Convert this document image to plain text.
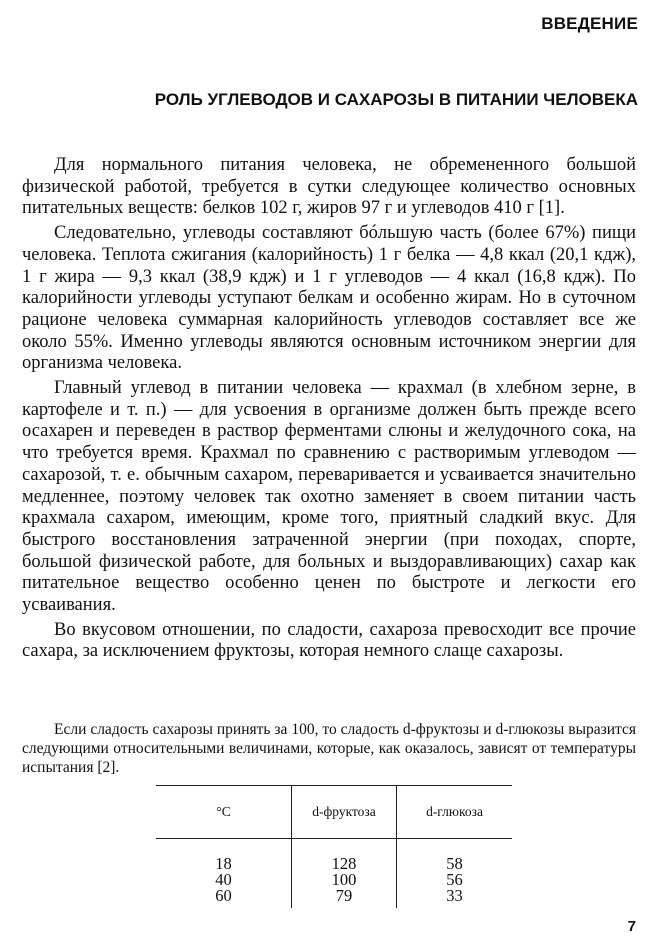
ВВЕДЕНИЕ
РОЛЬ УГЛЕВОДОВ И САХАРОЗЫ В ПИТАНИИ ЧЕЛОВЕКА

Для нормального питания человека, не обремененного большой физической работой, требуется в сутки следующее количество основных питательных веществ: белков 102 г, жиров 97 г и углеводов 410 г [1].

Следовательно, углеводы составляют бóльшую часть (более 67%) пищи человека. Теплота сжигания (калорийность) 1 г белка — 4,8 ккал (20,1 кдж), 1 г жира — 9,3 ккал (38,9 кдж) и 1 г углеводов — 4 ккал (16,8 кдж). По калорийности углеводы уступают белкам и особенно жирам. Но в суточном рационе человека суммарная калорийность углеводов составляет все же около 55%. Именно углеводы являются основным источником энергии для организма человека.

Главный углевод в питании человека — крахмал (в хлебном зерне, в картофеле и т. п.) — для усвоения в организме должен быть прежде всего осахарен и переведен в раствор ферментами слюны и желудочного сока, на что требуется время. Крахмал по сравнению с растворимым углеводом — сахарозой, т. е. обычным сахаром, переваривается и усваивается значительно медленнее, поэтому человек так охотно заменяет в своем питании часть крахмала сахаром, имеющим, кроме того, приятный сладкий вкус. Для быстрого восстановления затраченной энергии (при походах, спорте, большой физической работе, для больных и выздоравливающих) сахар как питательное вещество особенно ценен по быстроте и легкости его усваивания.

Во вкусовом отношении, по сладости, сахароза превосходит все прочие сахара, за исключением фруктозы, которая немного слаще сахарозы.

Если сладость сахарозы принять за 100, то сладость d-фруктозы и d-глюкозы выразится следующими относительными величинами, которые, как оказалось, зависят от температуры испытания [2].

°C	d-фруктоза	d-глюкоза
18	128	58
40	100	56
60	79	33
7
